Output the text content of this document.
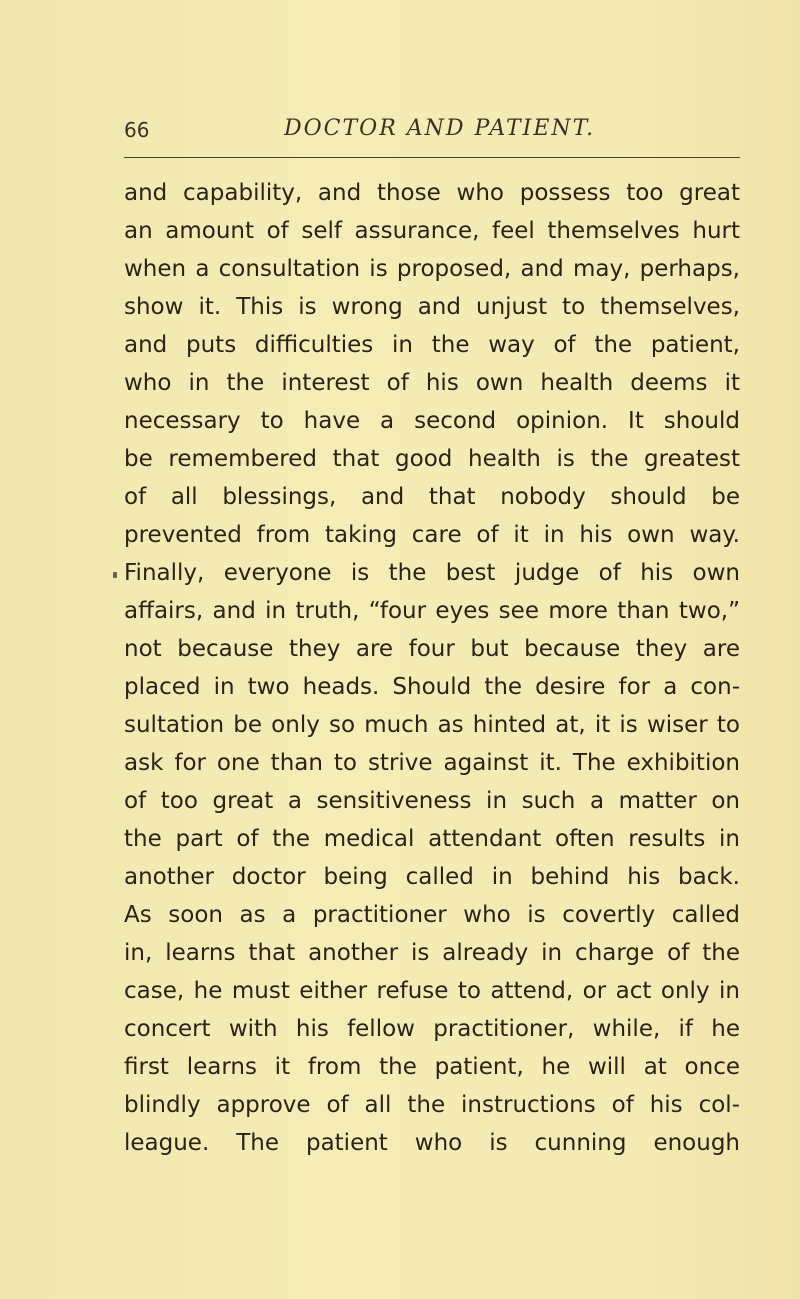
66	DOCTOR AND PATIENT.
and capability, and those who possess too great
an amount of self assurance, feel themselves hurt
when a consultation is proposed, and may, perhaps,
show it. This is wrong and unjust to themselves,
and puts difficulties in the way of the patient,
who in the interest of his own health deems it
necessary to have a second opinion. It should
be remembered that good health is the greatest
of all blessings, and that nobody should be
prevented from taking care of it in his own way.
Finally, everyone is the best judge of his own
affairs, and in truth, “four eyes see more than two,”
not because they are four but because they are
placed in two heads. Should the desire for a con-
sultation be only so much as hinted at, it is wiser to
ask for one than to strive against it. The exhibition
of too great a sensitiveness in such a matter on
the part of the medical attendant often results in
another doctor being called in behind his back.
As soon as a practitioner who is covertly called
in, learns that another is already in charge of the
case, he must either refuse to attend, or act only in
concert with his fellow practitioner, while, if he
first learns it from the patient, he will at once
blindly approve of all the instructions of his col-
league. The patient who is cunning enough
